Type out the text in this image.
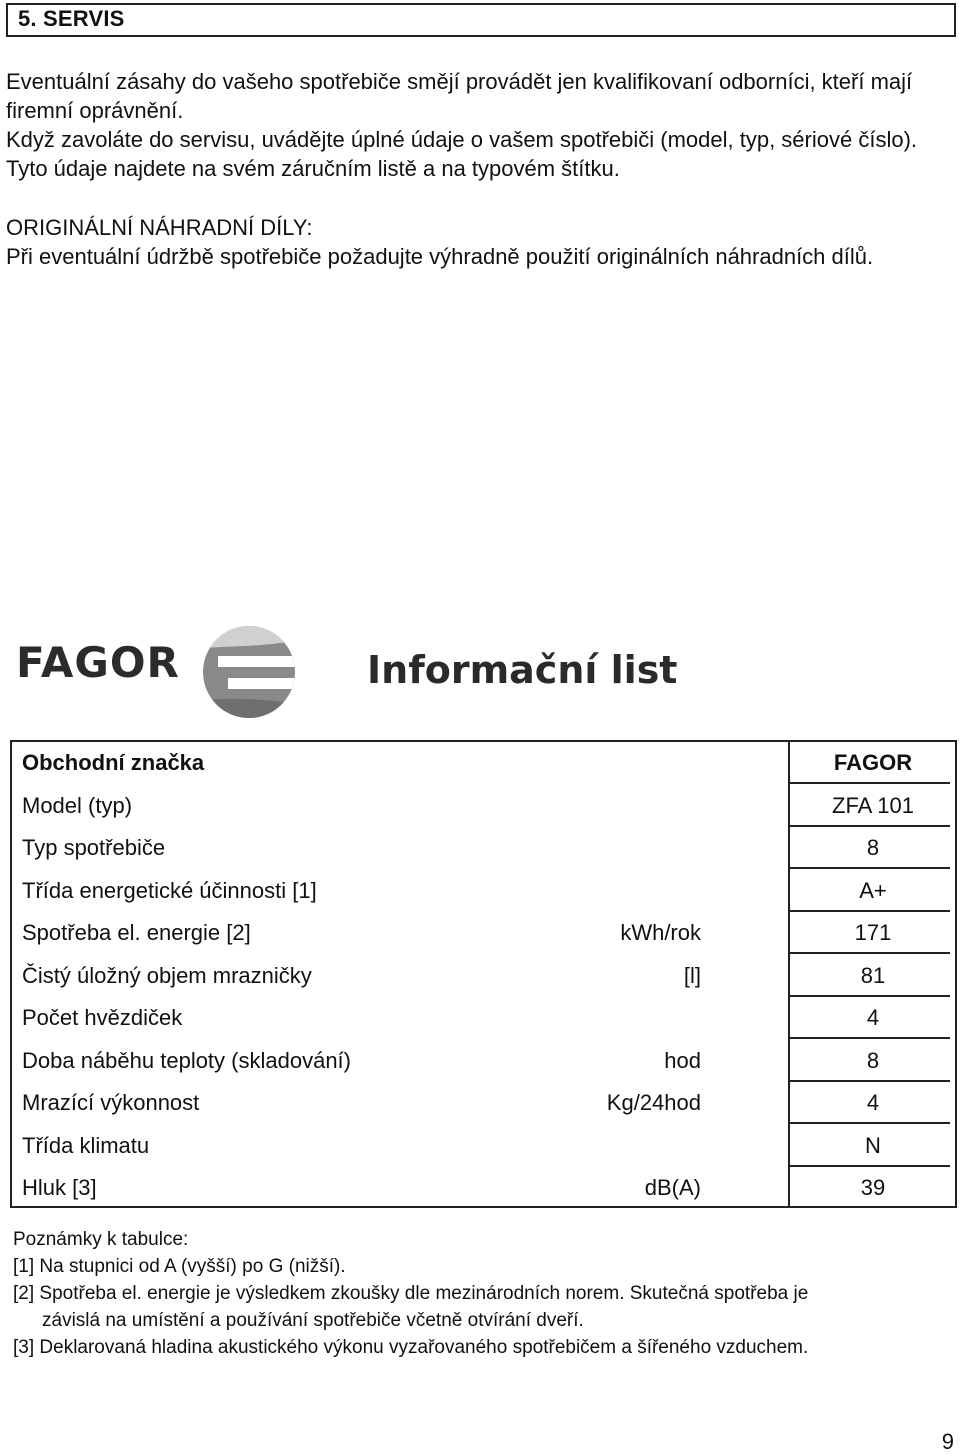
5. SERVIS

Eventuální zásahy do vašeho spotřebiče smějí provádět jen kvalifikovaní odborníci, kteří mají firemní oprávnění.

Když zavoláte do servisu, uvádějte úplné údaje o vašem spotřebiči (model, typ, sériové číslo). Tyto údaje najdete na svém záručním listě a na typovém štítku.

ORIGINÁLNÍ NÁHRADNÍ DÍLY:

Při eventuální údržbě spotřebiče požadujte výhradně použití originálních náhradních dílů.

FAGOR	Informační list
Obchodní značka	FAGOR
Model (typ)	ZFA 101
Typ spotřebiče	8
Třída energetické účinnosti [1]	A+
Spotřeba el. energie [2]	kWh/rok	171
Čistý úložný objem mrazničky	[l]	81
Počet hvězdiček	4
Doba náběhu teploty (skladování)	hod	8
Mrazící výkonnost	Kg/24hod	4
Třída klimatu	N
Hluk [3]	dB(A)	39
Poznámky k tabulce:
[1] Na stupnici od A (vyšší) po G (nižší).
[2] Spotřeba el. energie je výsledkem zkoušky dle mezinárodních norem. Skutečná spotřeba je
závislá na umístění a používání spotřebiče včetně otvírání dveří.
[3] Deklarovaná hladina akustického výkonu vyzařovaného spotřebičem a šířeného vzduchem.
9
